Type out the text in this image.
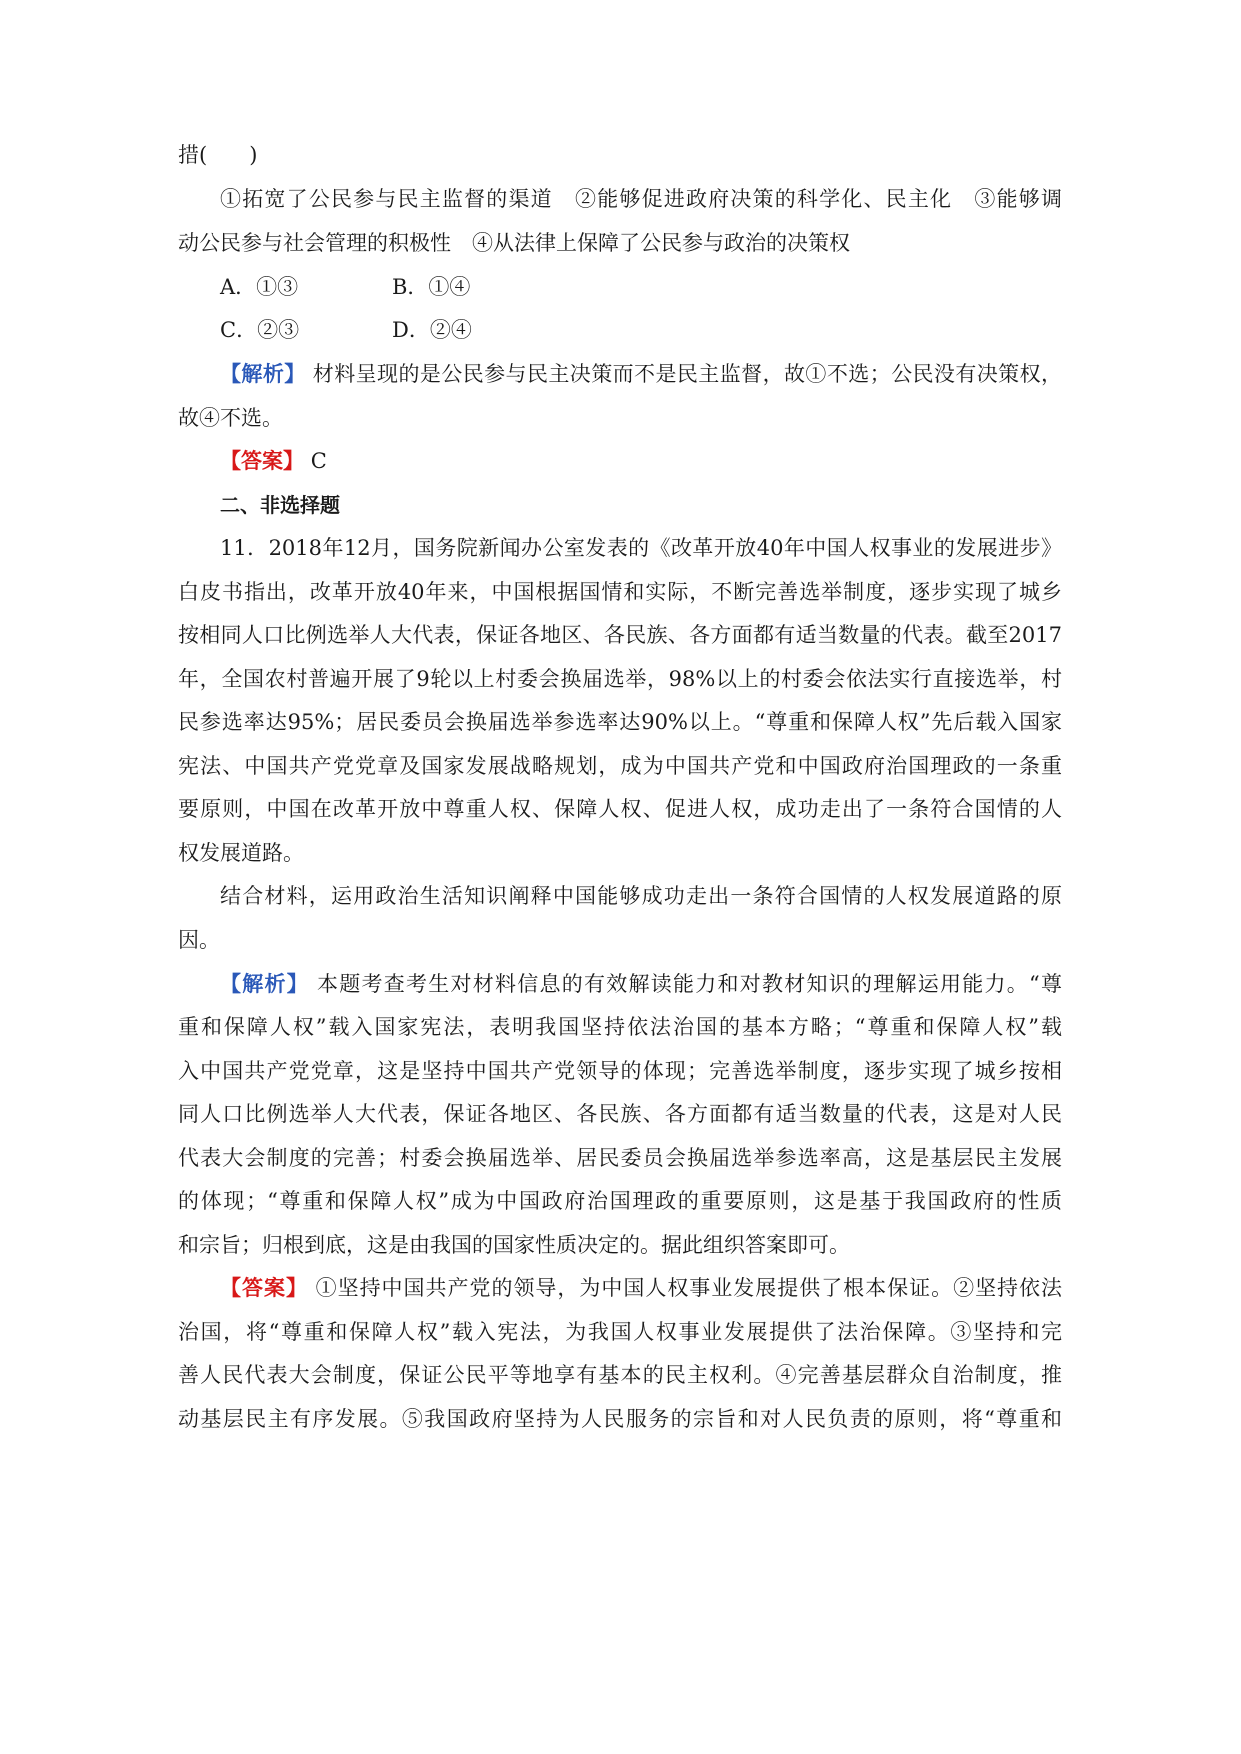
措(　　)
①拓宽了公民参与民主监督的渠道　②能够促进政府决策的科学化、民主化　③能够调
动公民参与社会管理的积极性　④从法律上保障了公民参与政治的决策权
A．①③	B．①④
C．②③	D．②④
【解析】 材料呈现的是公民参与民主决策而不是民主监督，故①不选；公民没有决策权，
故④不选。
【答案】 C
二、非选择题
11．2018年12月，国务院新闻办公室发表的《改革开放40年中国人权事业的发展进步》
白皮书指出，改革开放40年来，中国根据国情和实际，不断完善选举制度，逐步实现了城乡
按相同人口比例选举人大代表，保证各地区、各民族、各方面都有适当数量的代表。截至2017
年，全国农村普遍开展了9轮以上村委会换届选举，98%以上的村委会依法实行直接选举，村
民参选率达95%；居民委员会换届选举参选率达90%以上。“尊重和保障人权”先后载入国家
宪法、中国共产党党章及国家发展战略规划，成为中国共产党和中国政府治国理政的一条重
要原则，中国在改革开放中尊重人权、保障人权、促进人权，成功走出了一条符合国情的人
权发展道路。
结合材料，运用政治生活知识阐释中国能够成功走出一条符合国情的人权发展道路的原
因。
【解析】 本题考查考生对材料信息的有效解读能力和对教材知识的理解运用能力。“尊
重和保障人权”载入国家宪法，表明我国坚持依法治国的基本方略；“尊重和保障人权”载
入中国共产党党章，这是坚持中国共产党领导的体现；完善选举制度，逐步实现了城乡按相
同人口比例选举人大代表，保证各地区、各民族、各方面都有适当数量的代表，这是对人民
代表大会制度的完善；村委会换届选举、居民委员会换届选举参选率高，这是基层民主发展
的体现；“尊重和保障人权”成为中国政府治国理政的重要原则，这是基于我国政府的性质
和宗旨；归根到底，这是由我国的国家性质决定的。据此组织答案即可。
【答案】 ①坚持中国共产党的领导，为中国人权事业发展提供了根本保证。②坚持依法
治国，将“尊重和保障人权”载入宪法，为我国人权事业发展提供了法治保障。③坚持和完
善人民代表大会制度，保证公民平等地享有基本的民主权利。④完善基层群众自治制度，推
动基层民主有序发展。⑤我国政府坚持为人民服务的宗旨和对人民负责的原则，将“尊重和
